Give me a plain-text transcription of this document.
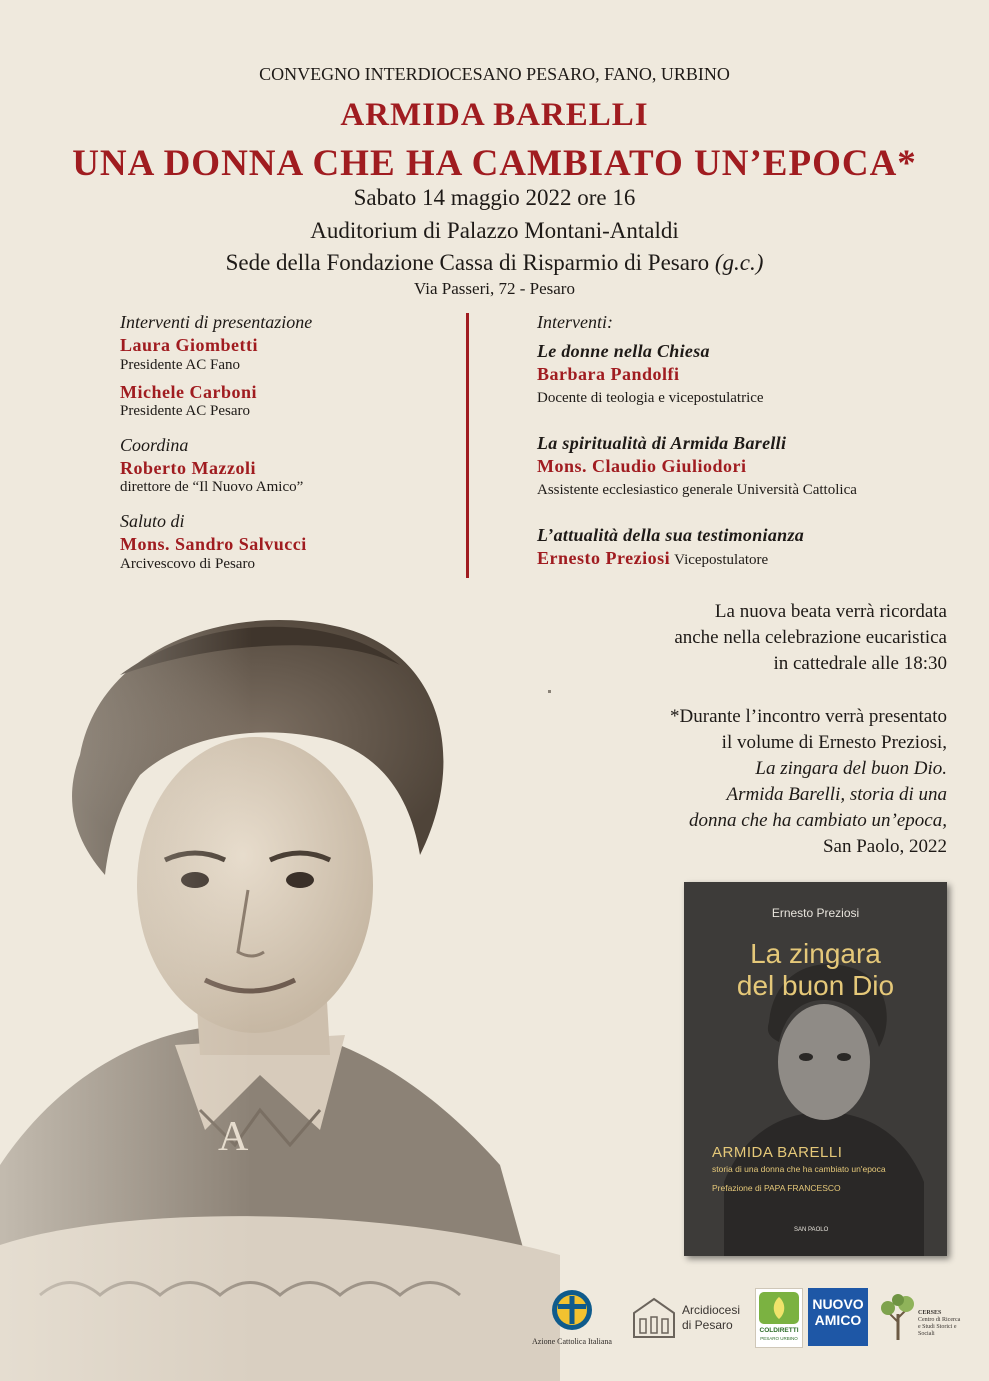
CONVEGNO INTERDIOCESANO PESARO, FANO, URBINO
ARMIDA BARELLI
UNA DONNA CHE HA CAMBIATO UN’EPOCA*
Sabato 14 maggio 2022 ore 16
Auditorium di Palazzo Montani-Antaldi
Sede della Fondazione Cassa di Risparmio di Pesaro (g.c.)
Via Passeri, 72 - Pesaro
Interventi di presentazione
Laura Giombetti
Presidente AC Fano
Michele Carboni
Presidente AC Pesaro
Coordina
Roberto Mazzoli
direttore de “Il Nuovo Amico”
Saluto di
Mons. Sandro Salvucci
Arcivescovo di Pesaro
Interventi:
Le donne nella Chiesa
Barbara Pandolfi
Docente di teologia e vicepostulatrice
La spiritualità di Armida Barelli
Mons. Claudio Giuliodori
Assistente ecclesiastico generale Università Cattolica
L’attualità della sua testimonianza
Ernesto Preziosi Vicepostulatore
La nuova beata verrà ricordata
anche nella celebrazione eucaristica
in cattedrale alle 18:30
*Durante l’incontro verrà presentato
il volume di Ernesto Preziosi,
La zingara del buon Dio.
Armida Barelli, storia di una
donna che ha cambiato un’epoca,
San Paolo, 2022
Ernesto Preziosi
La zingara
del buon Dio
ARMIDA BARELLI
storia di una donna che ha cambiato un'epoca
Prefazione di PAPA FRANCESCO
SAN PAOLO
Azione Cattolica Italiana
Arcidiocesi
di Pesaro	COLDIRETTI
PESARO URBINO
NUOVO
AMICO	CERSES
Centro di Ricerca
e Studi Storici e Sociali
